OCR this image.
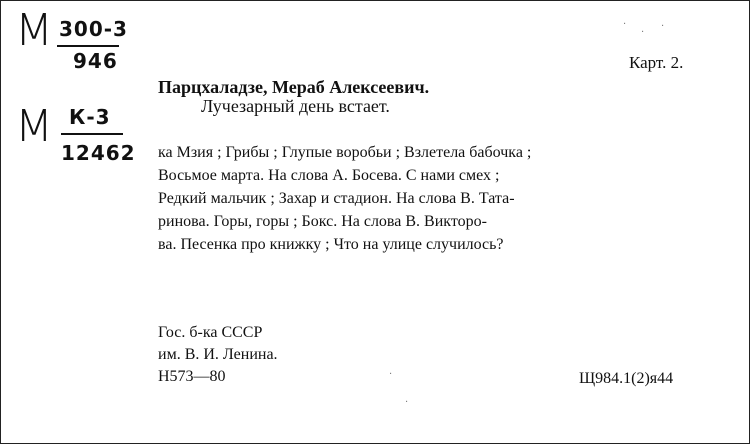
М 300-3
946
М К-3
12462
·
·
·
·
·
Карт. 2.
Парцхаладзе, Мераб Алексеевич.
Лучезарный день встает.

ка Мзия ; Грибы ; Глупые воробьи ; Взлетела бабочка ;
Восьмое марта. На слова А. Бoсева. С нами смех ;
Редкий мальчик ; Захар и стадион. На слова В. Тата-
ринова. Горы, горы ; Бокс. На слова В. Викторо-
ва. Песенка про книжку ; Что на улице случилось?

Гос. б-ка СССР
им. В. И. Ленина.
Н573—80	Щ984.1(2)я44
